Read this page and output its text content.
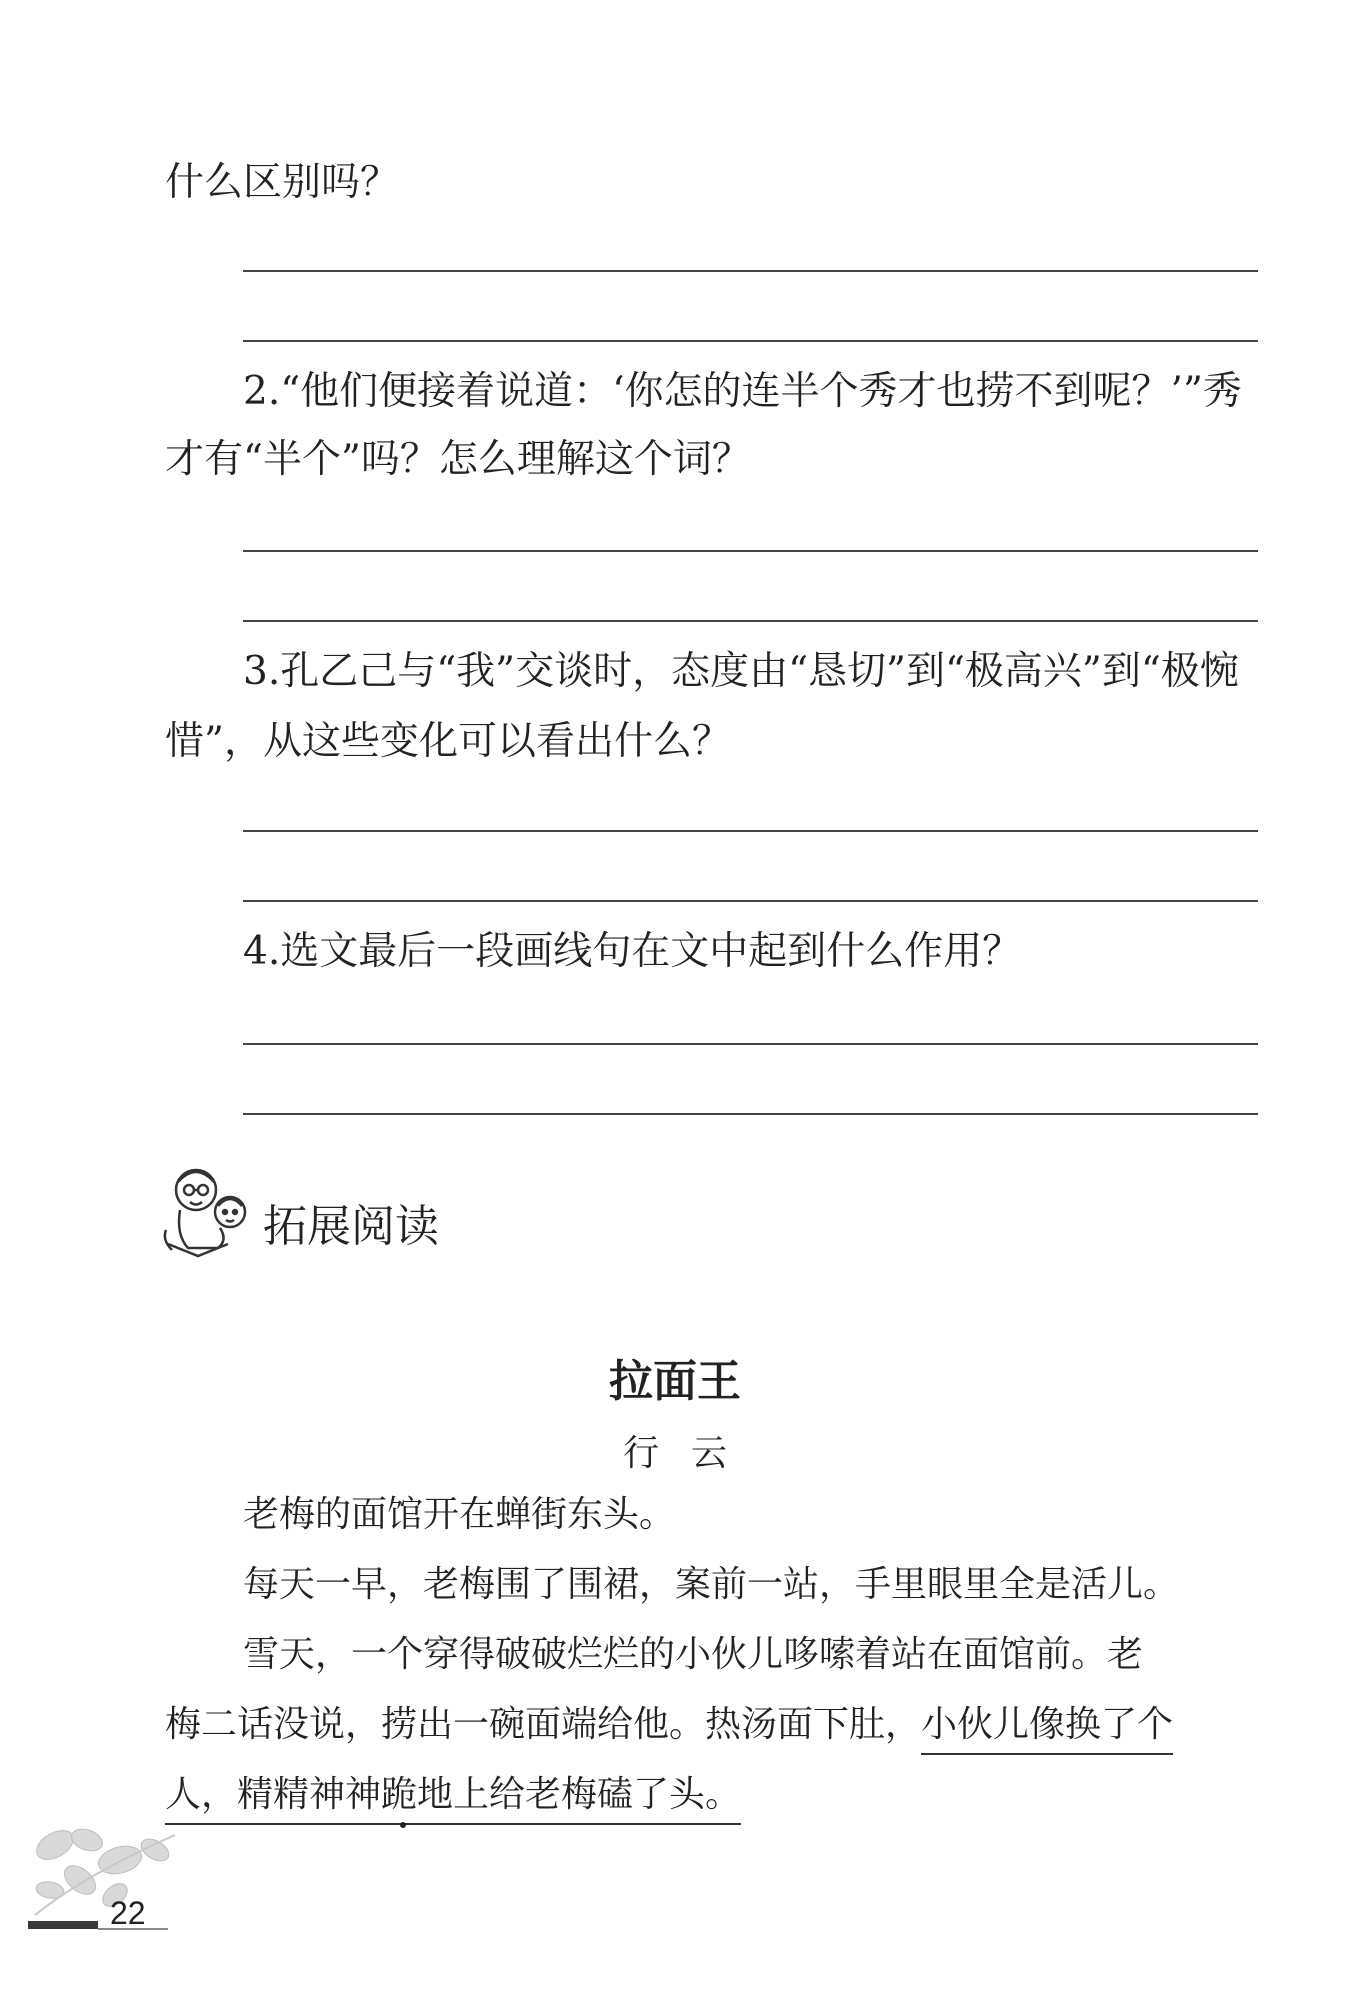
什么区别吗？
2.“他们便接着说道：‘你怎的连半个秀才也捞不到呢？’”秀
才有“半个”吗？怎么理解这个词？
3.孔乙己与“我”交谈时，态度由“恳切”到“极高兴”到“极惋
惜”，从这些变化可以看出什么？
4.选文最后一段画线句在文中起到什么作用？
拓展阅读
拉面王
行云
老梅的面馆开在蝉街东头。
每天一早，老梅围了围裙，案前一站，手里眼里全是活儿。
雪天，一个穿得破破烂烂的小伙儿哆嗦着站在面馆前。老
梅二话没说，捞出一碗面端给他。热汤面下肚，小伙儿像换了个
人，精精神神跪地上给老梅磕了头。
22
